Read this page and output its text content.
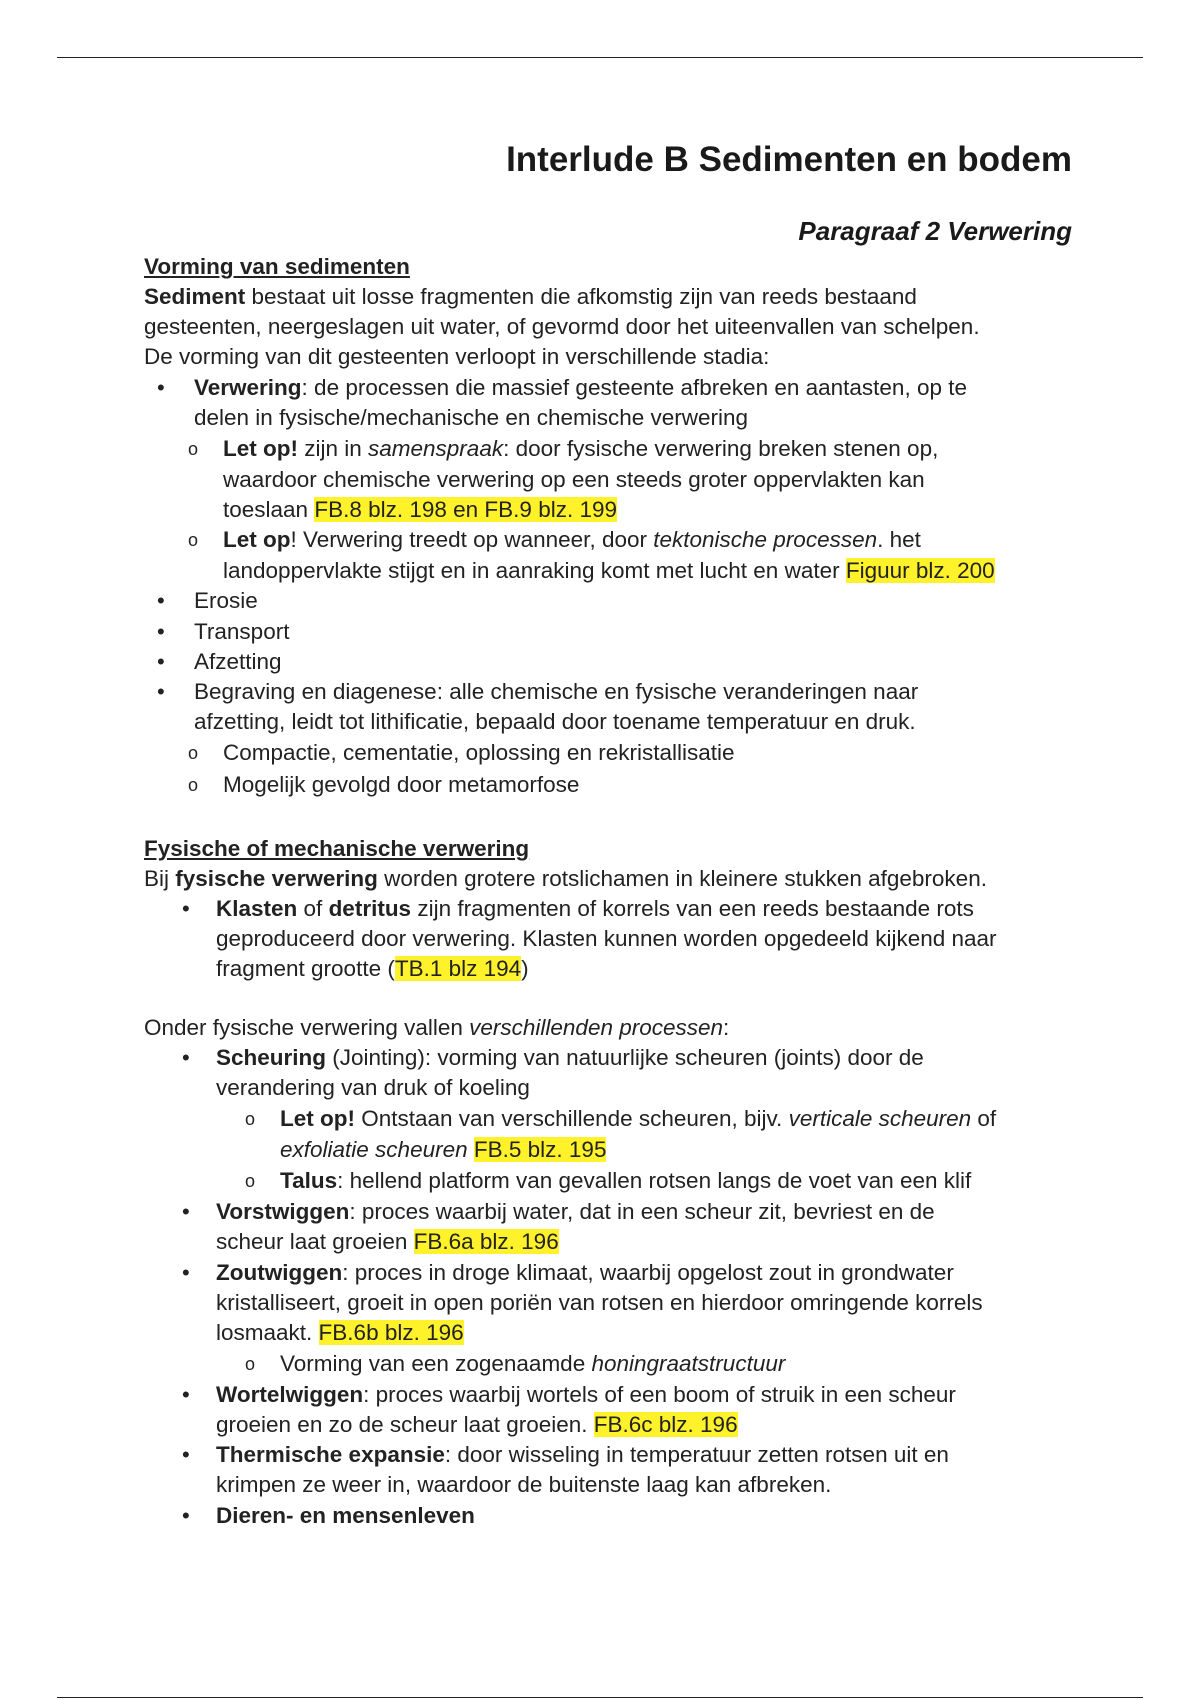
Interlude B Sedimenten en bodem
Paragraaf 2 Verwering
Vorming van sedimenten
Sediment bestaat uit losse fragmenten die afkomstig zijn van reeds bestaand
gesteenten, neergeslagen uit water, of gevormd door het uiteenvallen van schelpen.
De vorming van dit gesteenten verloopt in verschillende stadia:
• Verwering: de processen die massief gesteente afbreken en aantasten, op te
delen in fysische/mechanische en chemische verwering
o Let op! zijn in samenspraak: door fysische verwering breken stenen op,
waardoor chemische verwering op een steeds groter oppervlakten kan
toeslaan FB.8 blz. 198 en FB.9 blz. 199
o Let op! Verwering treedt op wanneer, door tektonische processen. het
landoppervlakte stijgt en in aanraking komt met lucht en water Figuur blz. 200
• Erosie
• Transport
• Afzetting
• Begraving en diagenese: alle chemische en fysische veranderingen naar
afzetting, leidt tot lithificatie, bepaald door toename temperatuur en druk.
o Compactie, cementatie, oplossing en rekristallisatie
o Mogelijk gevolgd door metamorfose
Fysische of mechanische verwering
Bij fysische verwering worden grotere rotslichamen in kleinere stukken afgebroken.
• Klasten of detritus zijn fragmenten of korrels van een reeds bestaande rots
geproduceerd door verwering. Klasten kunnen worden opgedeeld kijkend naar
fragment grootte (TB.1 blz 194)
Onder fysische verwering vallen verschillenden processen:
• Scheuring (Jointing): vorming van natuurlijke scheuren (joints) door de
verandering van druk of koeling
o Let op! Ontstaan van verschillende scheuren, bijv. verticale scheuren of
exfoliatie scheuren FB.5 blz. 195
o Talus: hellend platform van gevallen rotsen langs de voet van een klif
• Vorstwiggen: proces waarbij water, dat in een scheur zit, bevriest en de
scheur laat groeien FB.6a blz. 196
• Zoutwiggen: proces in droge klimaat, waarbij opgelost zout in grondwater
kristalliseert, groeit in open poriën van rotsen en hierdoor omringende korrels
losmaakt. FB.6b blz. 196
o Vorming van een zogenaamde honingraatstructuur
• Wortelwiggen: proces waarbij wortels of een boom of struik in een scheur
groeien en zo de scheur laat groeien. FB.6c blz. 196
• Thermische expansie: door wisseling in temperatuur zetten rotsen uit en
krimpen ze weer in, waardoor de buitenste laag kan afbreken.
• Dieren- en mensenleven
